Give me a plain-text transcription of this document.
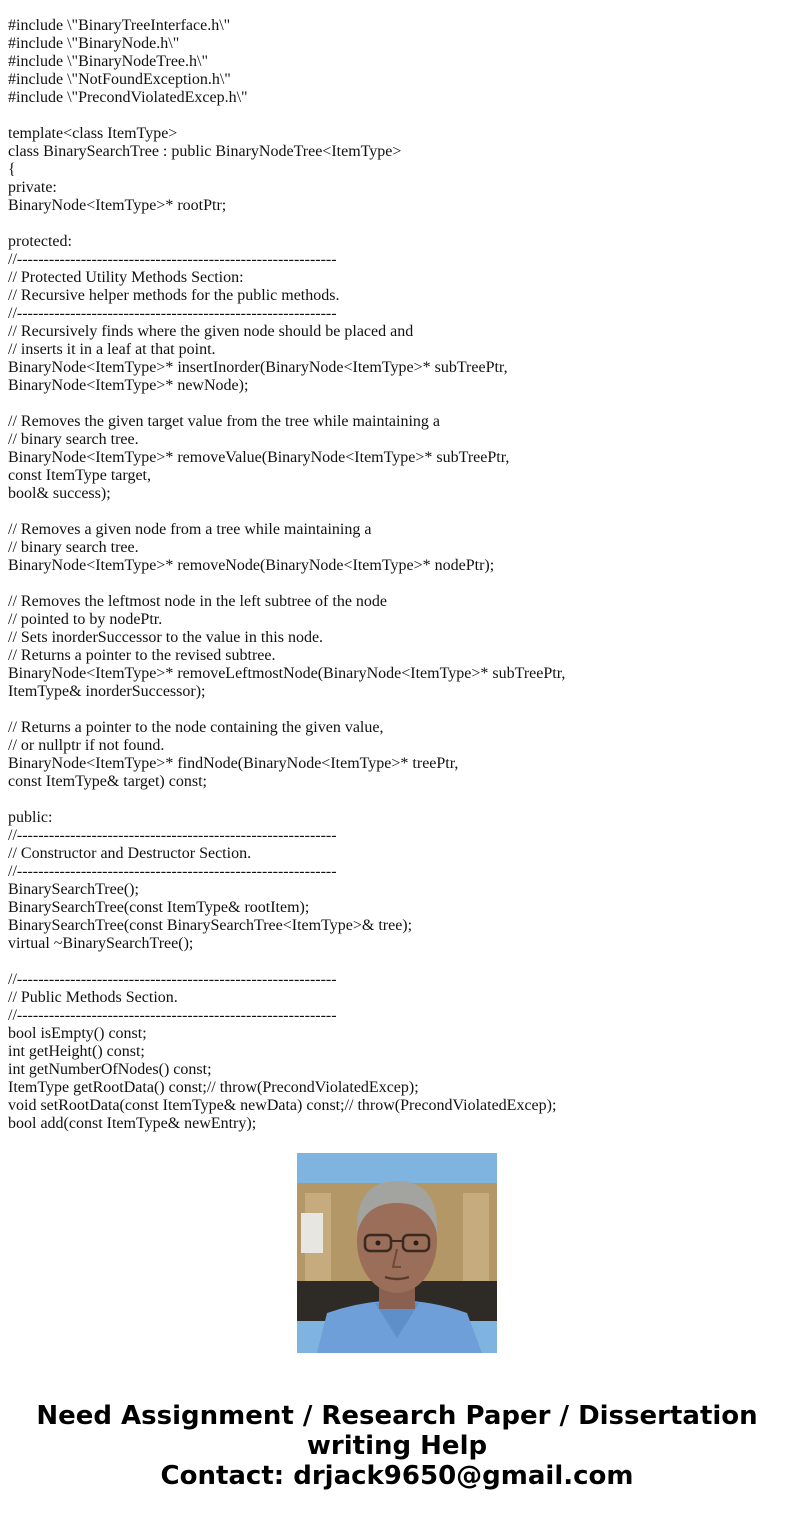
#include \"BinaryTreeInterface.h\"
#include \"BinaryNode.h\"
#include \"BinaryNodeTree.h\"
#include \"NotFoundException.h\"
#include \"PrecondViolatedExcep.h\"
template<class ItemType>
class BinarySearchTree : public BinaryNodeTree<ItemType>
{
private:
BinaryNode<ItemType>* rootPtr;
protected:
//------------------------------------------------------------
// Protected Utility Methods Section:
// Recursive helper methods for the public methods.
//------------------------------------------------------------
// Recursively finds where the given node should be placed and
// inserts it in a leaf at that point.
BinaryNode<ItemType>* insertInorder(BinaryNode<ItemType>* subTreePtr,
BinaryNode<ItemType>* newNode);
// Removes the given target value from the tree while maintaining a
// binary search tree.
BinaryNode<ItemType>* removeValue(BinaryNode<ItemType>* subTreePtr,
const ItemType target,
bool& success);
// Removes a given node from a tree while maintaining a
// binary search tree.
BinaryNode<ItemType>* removeNode(BinaryNode<ItemType>* nodePtr);
// Removes the leftmost node in the left subtree of the node
// pointed to by nodePtr.
// Sets inorderSuccessor to the value in this node.
// Returns a pointer to the revised subtree.
BinaryNode<ItemType>* removeLeftmostNode(BinaryNode<ItemType>* subTreePtr,
ItemType& inorderSuccessor);
// Returns a pointer to the node containing the given value,
// or nullptr if not found.
BinaryNode<ItemType>* findNode(BinaryNode<ItemType>* treePtr,
const ItemType& target) const;
public:
//------------------------------------------------------------
// Constructor and Destructor Section.
//------------------------------------------------------------
BinarySearchTree();
BinarySearchTree(const ItemType& rootItem);
BinarySearchTree(const BinarySearchTree<ItemType>& tree);
virtual ~BinarySearchTree();
//------------------------------------------------------------
// Public Methods Section.
//------------------------------------------------------------
bool isEmpty() const;
int getHeight() const;
int getNumberOfNodes() const;
ItemType getRootData() const;// throw(PrecondViolatedExcep);
void setRootData(const ItemType& newData) const;// throw(PrecondViolatedExcep);
bool add(const ItemType& newEntry);
Need Assignment / Research Paper / Dissertation
writing Help
Contact: drjack9650@gmail.com
